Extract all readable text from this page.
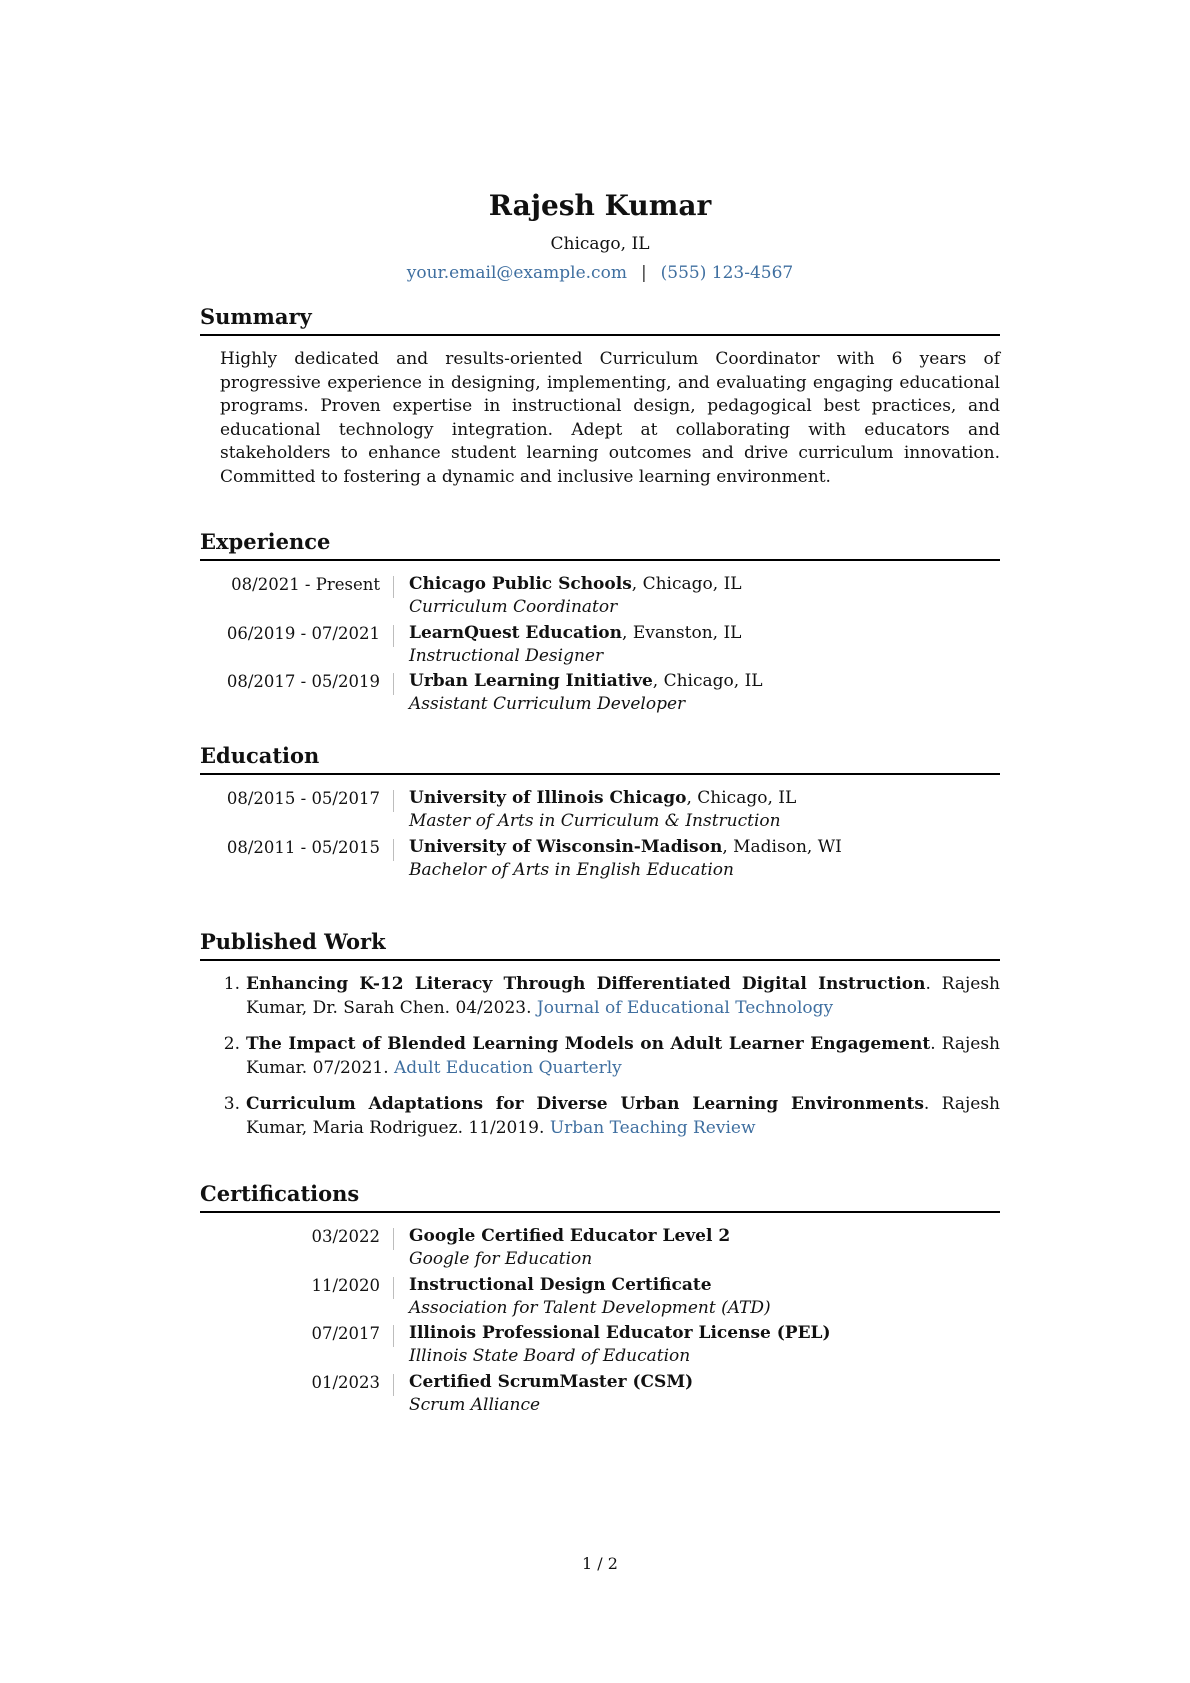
Rajesh Kumar
Chicago, IL
your.email@example.com | (555) 123-4567
Summary

Highly dedicated and results-oriented Curriculum Coordinator with 6 years of progressive experience in designing, implementing, and evaluating engaging educational programs. Proven expertise in instructional design, pedagogical best practices, and educational technology integration. Adept at collaborating with educators and stakeholders to enhance student learning outcomes and drive curriculum innovation. Committed to fostering a dynamic and inclusive learning environment.

Experience
08/2021 - Present	Chicago Public Schools, Chicago, IL
Curriculum Coordinator
06/2019 - 07/2021	LearnQuest Education, Evanston, IL
Instructional Designer
08/2017 - 05/2019	Urban Learning Initiative, Chicago, IL
Assistant Curriculum Developer
Education
08/2015 - 05/2017	University of Illinois Chicago, Chicago, IL
Master of Arts in Curriculum & Instruction
08/2011 - 05/2015	University of Wisconsin-Madison, Madison, WI
Bachelor of Arts in English Education
Published Work
1. Enhancing K-12 Literacy Through Differentiated Digital Instruction. Rajesh Kumar, Dr. Sarah Chen. 04/2023. Journal of Educational Technology
2. The Impact of Blended Learning Models on Adult Learner Engagement. Rajesh Kumar. 07/2021. Adult Education Quarterly
3. Curriculum Adaptations for Diverse Urban Learning Environments. Rajesh Kumar, Maria Rodriguez. 11/2019. Urban Teaching Review
Certifications
03/2022	Google Certified Educator Level 2
Google for Education
11/2020	Instructional Design Certificate
Association for Talent Development (ATD)
07/2017	Illinois Professional Educator License (PEL)
Illinois State Board of Education
01/2023	Certified ScrumMaster (CSM)
Scrum Alliance
1 / 2
